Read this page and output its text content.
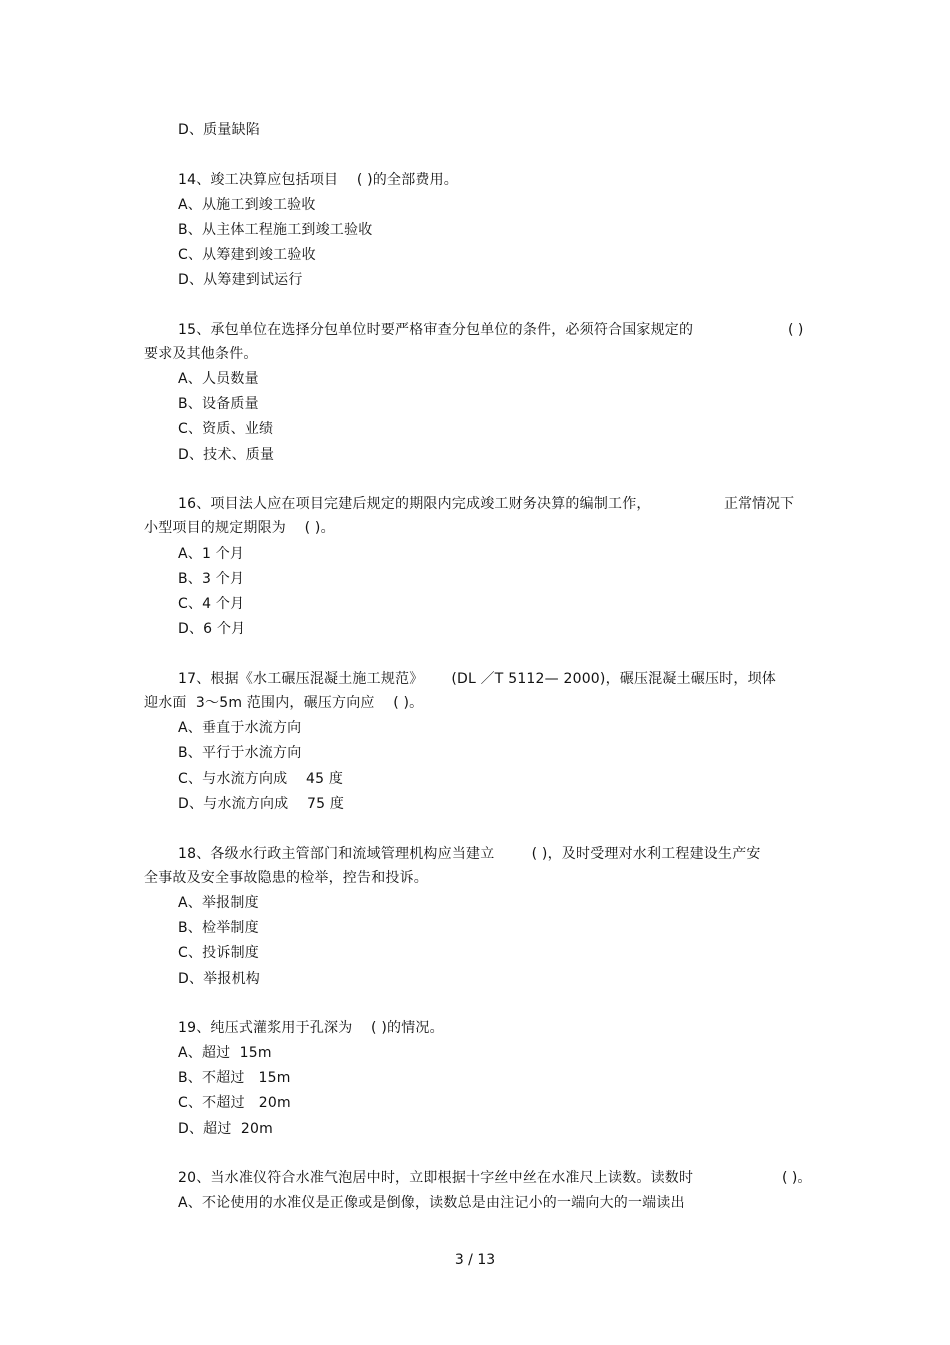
D、质量缺陷
14、竣工决算应包括项目    ( )的全部费用。
A、从施工到竣工验收
B、从主体工程施工到竣工验收
C、从筹建到竣工验收
D、从筹建到试运行
15、承包单位在选择分包单位时要严格审查分包单位的条件，必须符合国家规定的	( )
要求及其他条件。
A、人员数量
B、设备质量
C、资质、业绩
D、技术、质量
16、项目法人应在项目完建后规定的期限内完成竣工财务决算的编制工作，	正常情况下
小型项目的规定期限为    ( )。
A、1 个月
B、3 个月
C、4 个月
D、6 个月
17、根据《水工碾压混凝土施工规范》      (DL ／T 5112— 2000)，碾压混凝土碾压时，坝体
迎水面  3～5m 范围内，碾压方向应    ( )。
A、垂直于水流方向
B、平行于水流方向
C、与水流方向成    45 度
D、与水流方向成    75 度
18、各级水行政主管部门和流域管理机构应当建立        ( )，及时受理对水利工程建设生产安
全事故及安全事故隐患的检举，控告和投诉。
A、举报制度
B、检举制度
C、投诉制度
D、举报机构
19、纯压式灌浆用于孔深为    ( )的情况。
A、超过  15m
B、不超过   15m
C、不超过   20m
D、超过  20m
20、当水准仪符合水准气泡居中时，立即根据十字丝中丝在水准尺上读数。读数时	( )。
A、不论使用的水准仪是正像或是倒像，读数总是由注记小的一端向大的一端读出
3 / 13
